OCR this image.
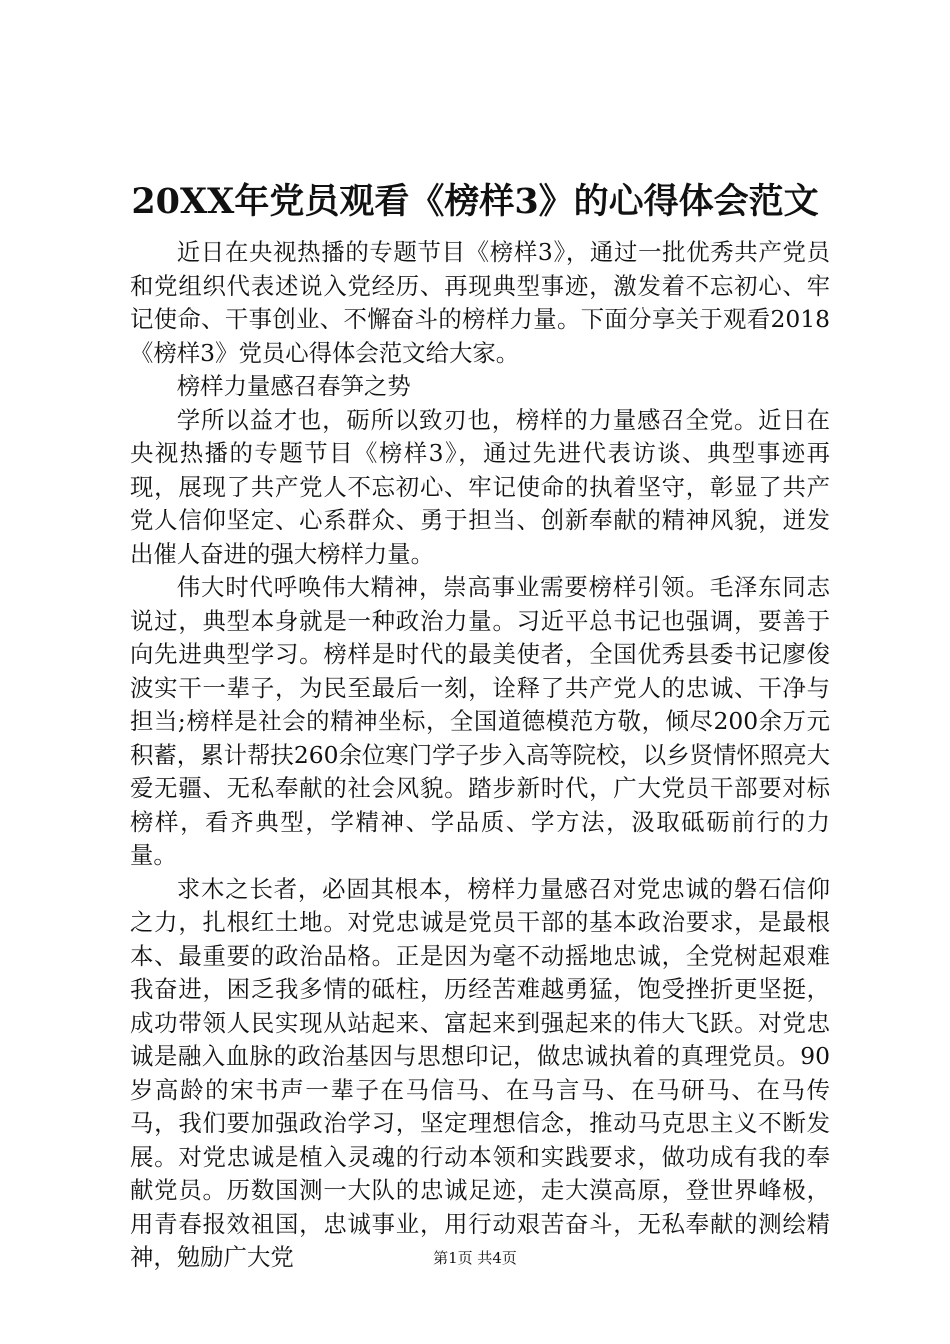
20XX年党员观看《榜样3》的心得体会范文

近日在央视热播的专题节目《榜样3》，通过一批优秀共产党员和党组织代表述说入党经历、再现典型事迹，激发着不忘初心、牢记使命、干事创业、不懈奋斗的榜样力量。下面分享关于观看2018《榜样3》党员心得体会范文给大家。

榜样力量感召春笋之势

学所以益才也，砺所以致刃也，榜样的力量感召全党。近日在央视热播的专题节目《榜样3》，通过先进代表访谈、典型事迹再现，展现了共产党人不忘初心、牢记使命的执着坚守，彰显了共产党人信仰坚定、心系群众、勇于担当、创新奉献的精神风貌，迸发出催人奋进的强大榜样力量。

伟大时代呼唤伟大精神，崇高事业需要榜样引领。毛泽东同志说过，典型本身就是一种政治力量。习近平总书记也强调，要善于向先进典型学习。榜样是时代的最美使者，全国优秀县委书记廖俊波实干一辈子，为民至最后一刻，诠释了共产党人的忠诚、干净与担当;榜样是社会的精神坐标，全国道德模范方敬，倾尽200余万元积蓄，累计帮扶260余位寒门学子步入高等院校，以乡贤情怀照亮大爱无疆、无私奉献的社会风貌。踏步新时代，广大党员干部要对标榜样，看齐典型，学精神、学品质、学方法，汲取砥砺前行的力量。

求木之长者，必固其根本，榜样力量感召对党忠诚的磐石信仰之力，扎根红土地。对党忠诚是党员干部的基本政治要求，是最根本、最重要的政治品格。正是因为毫不动摇地忠诚，全党树起艰难我奋进，困乏我多情的砥柱，历经苦难越勇猛，饱受挫折更坚挺，成功带领人民实现从站起来、富起来到强起来的伟大飞跃。对党忠诚是融入血脉的政治基因与思想印记，做忠诚执着的真理党员。90岁高龄的宋书声一辈子在马信马、在马言马、在马研马、在马传马，我们要加强政治学习，坚定理想信念，推动马克思主义不断发展。对党忠诚是植入灵魂的行动本领和实践要求，做功成有我的奉献党员。历数国测一大队的忠诚足迹，走大漠高原，登世界峰极，用青春报效祖国，忠诚事业，用行动艰苦奋斗，无私奉献的测绘精神，勉励广大党	第1页 共4页
